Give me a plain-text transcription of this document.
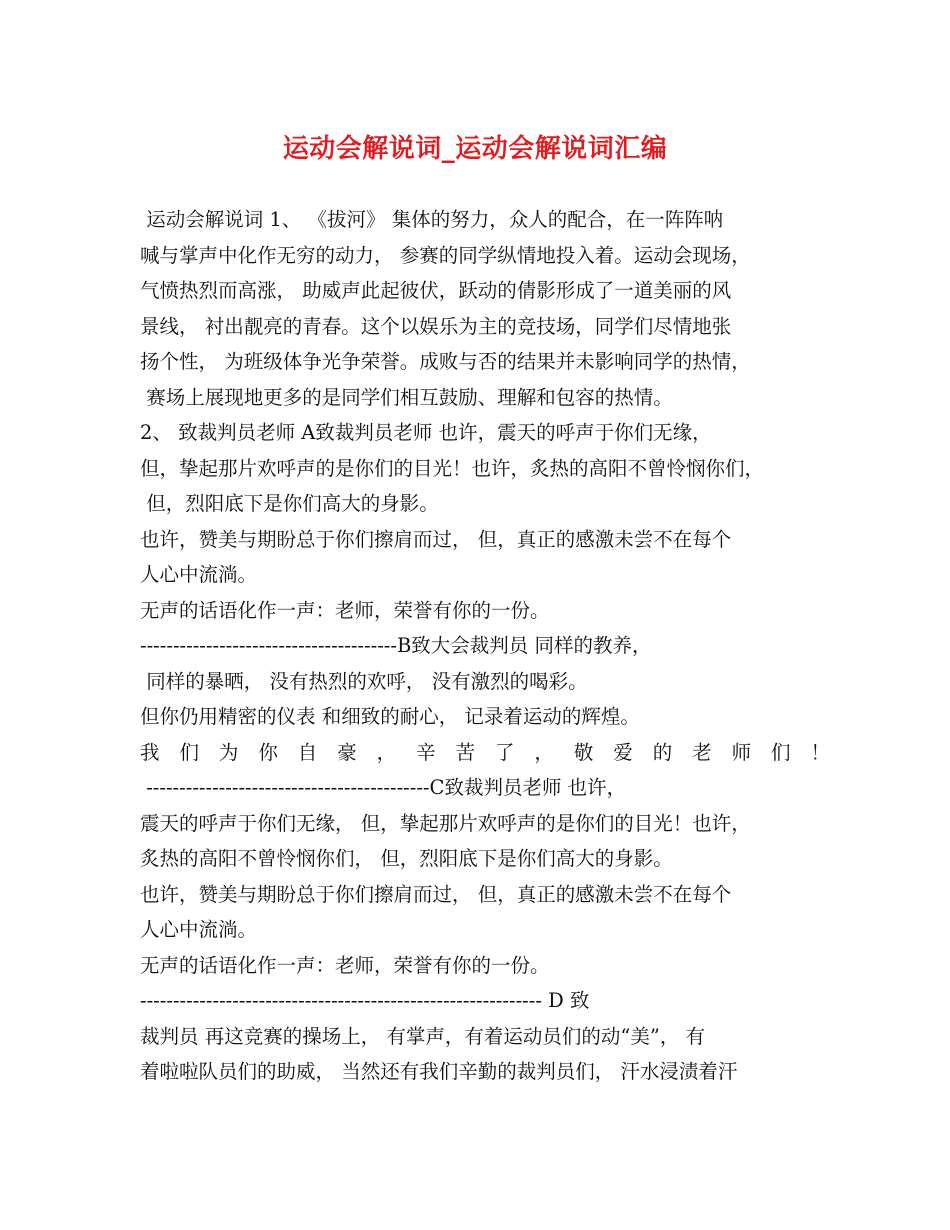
运动会解说词_运动会解说词汇编
运动会解说词 1、 《拔河》 集体的努力，众人的配合，在一阵阵呐
喊与掌声中化作无穷的动力， 参赛的同学纵情地投入着。运动会现场，
气愤热烈而高涨， 助威声此起彼伏，跃动的倩影形成了一道美丽的风
景线， 衬出靓亮的青春。这个以娱乐为主的竞技场，同学们尽情地张
扬个性， 为班级体争光争荣誉。成败与否的结果并未影响同学的热情，
赛场上展现地更多的是同学们相互鼓励、理解和包容的热情。
2、 致裁判员老师 A致裁判员老师 也许，震天的呼声于你们无缘，
但，挚起那片欢呼声的是你们的目光！也许，炙热的高阳不曾怜悯你们，
但，烈阳底下是你们高大的身影。
也许，赞美与期盼总于你们擦肩而过， 但，真正的感激未尝不在每个
人心中流淌。
无声的话语化作一声：老师，荣誉有你的一份。
---------------------------------------B致大会裁判员 同样的教养，
同样的暴晒， 没有热烈的欢呼， 没有激烈的喝彩。
但你仍用精密的仪表 和细致的耐心， 记录着运动的辉煌。
我 们 为 你 自 豪 ， 辛 苦 了 ， 敬 爱 的 老 师 们 ！
-------------------------------------------C致裁判员老师 也许，
震天的呼声于你们无缘， 但，挚起那片欢呼声的是你们的目光！也许，
炙热的高阳不曾怜悯你们， 但，烈阳底下是你们高大的身影。
也许，赞美与期盼总于你们擦肩而过， 但，真正的感激未尝不在每个
人心中流淌。
无声的话语化作一声：老师，荣誉有你的一份。
------------------------------------------------------------- D 致
裁判员 再这竞赛的操场上， 有掌声，有着运动员们的动“美”， 有
着啦啦队员们的助威， 当然还有我们辛勤的裁判员们， 汗水浸渍着汗
